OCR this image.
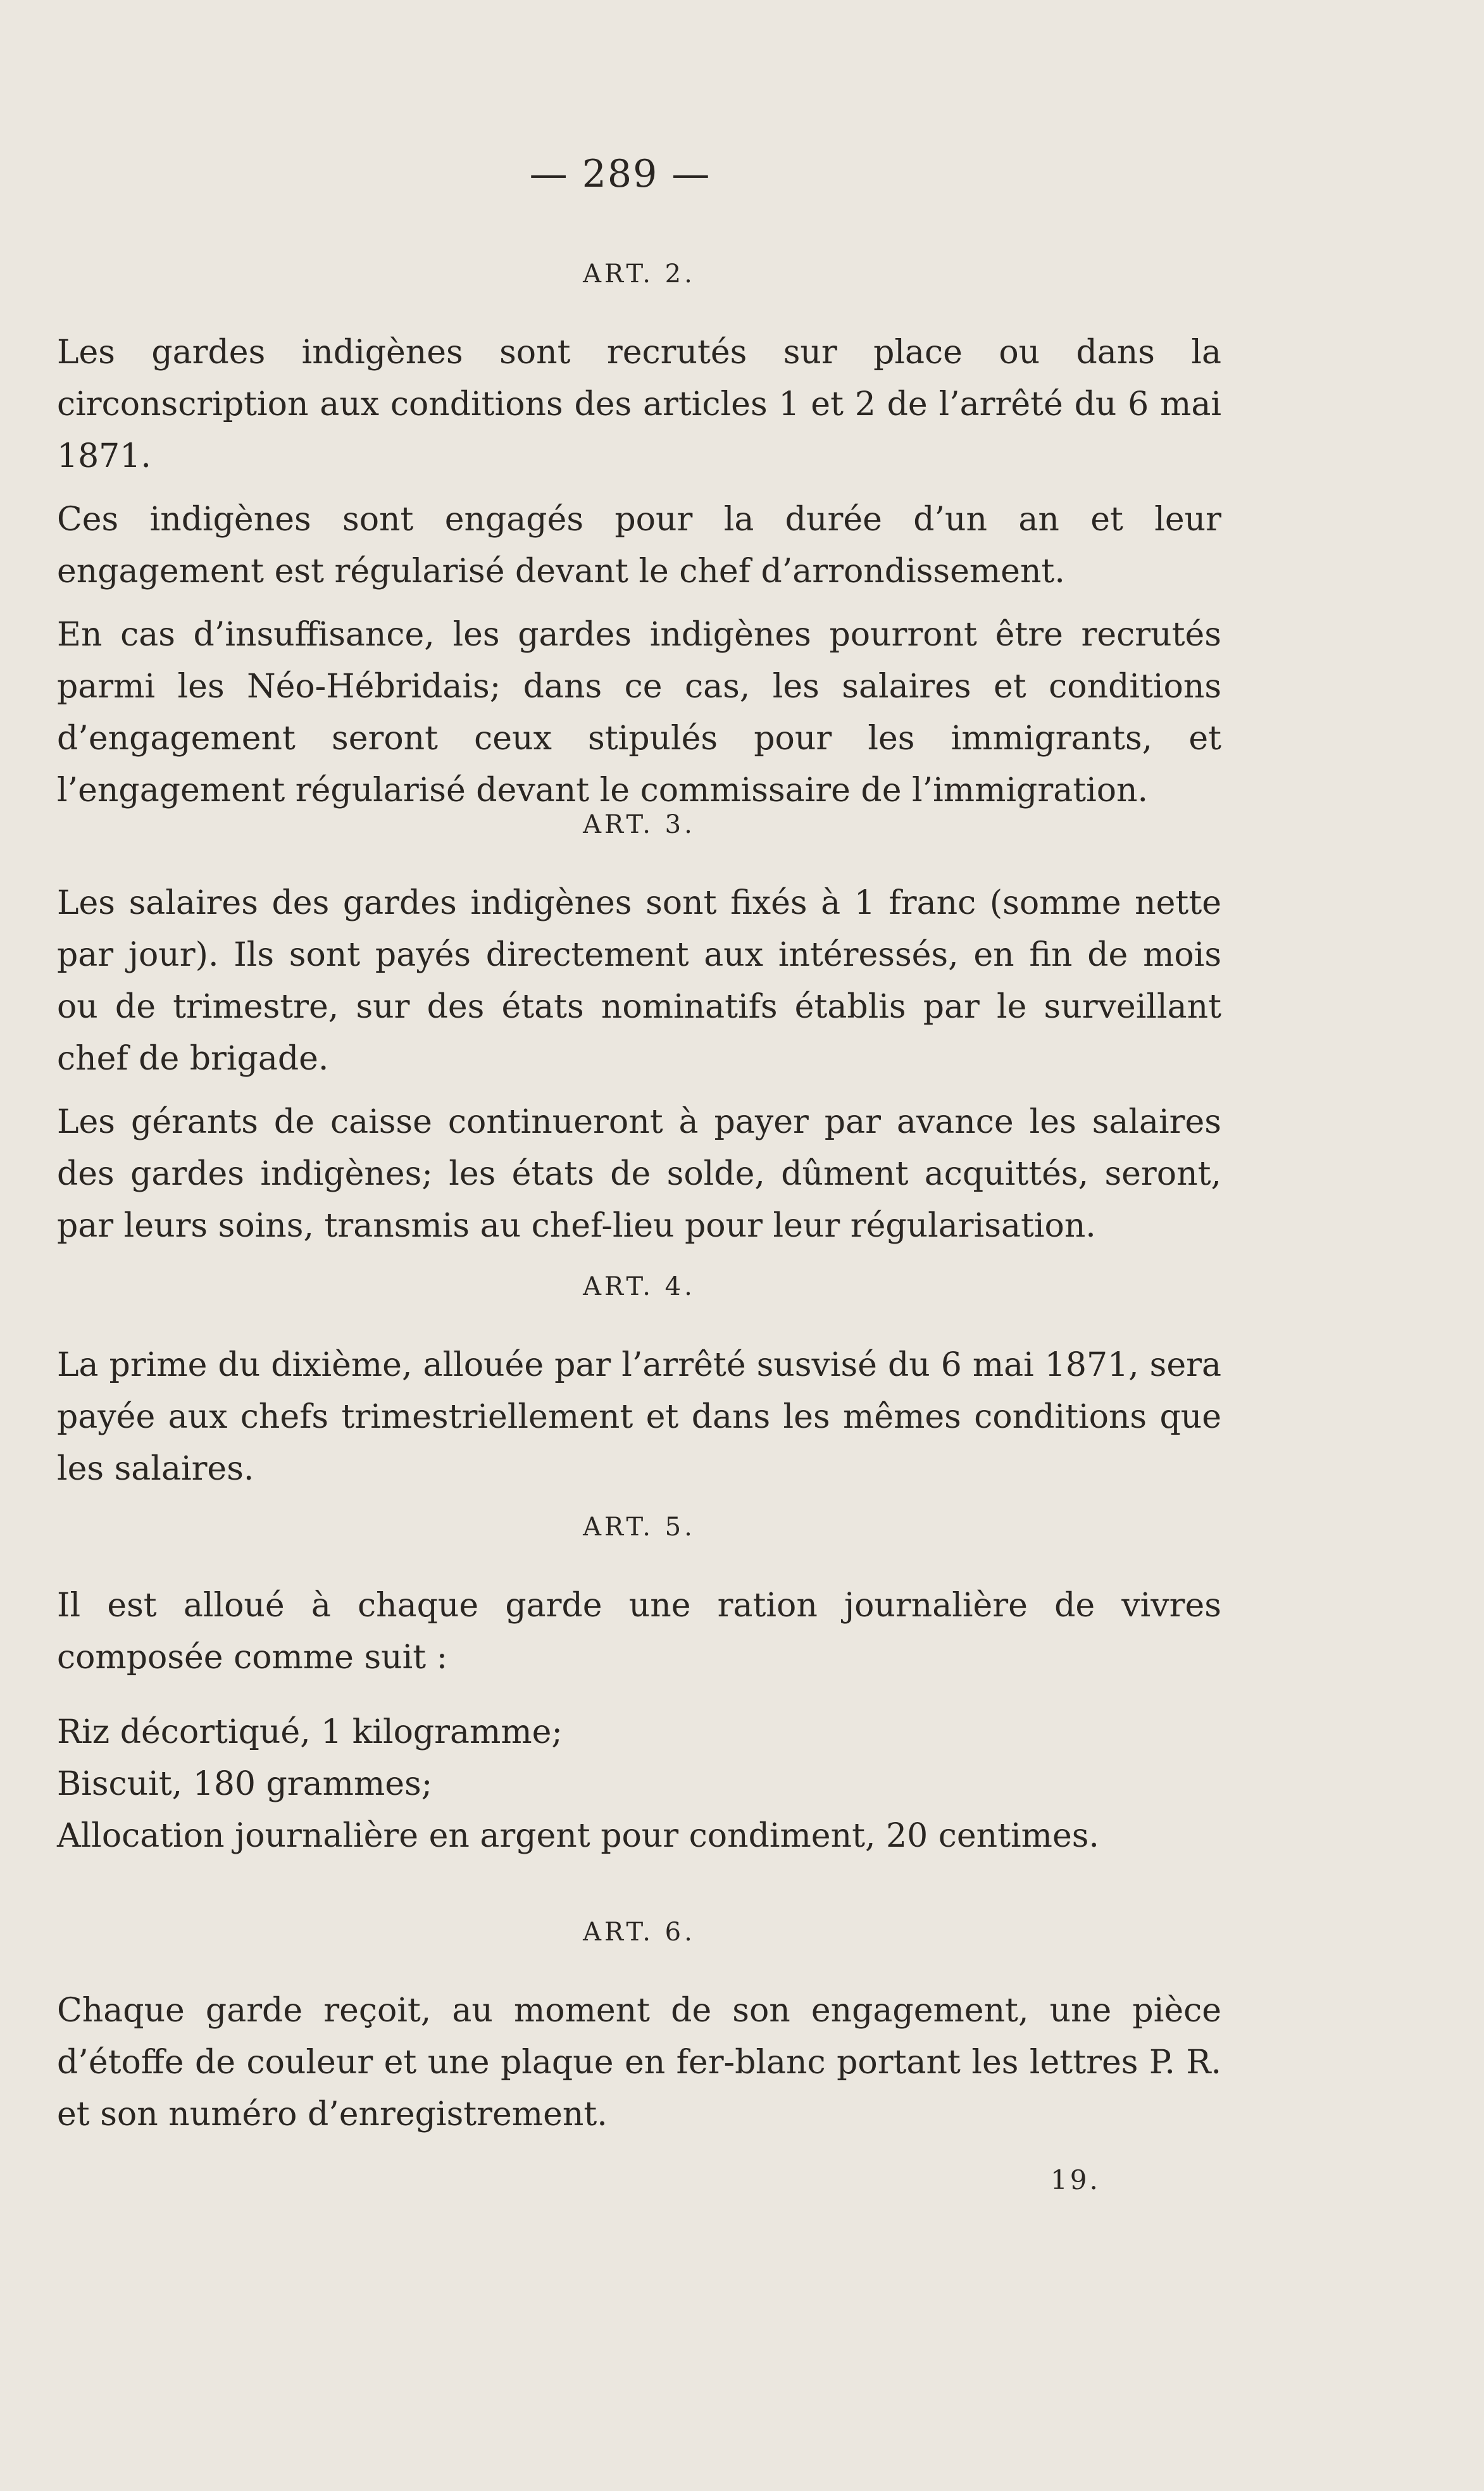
— 289 —
ART. 2.

Les gardes indigènes sont recrutés sur place ou dans la circonscription aux conditions des articles 1 et 2 de l’arrêté du 6 mai 1871.

Ces indigènes sont engagés pour la durée d’un an et leur engagement est régularisé devant le chef d’arrondissement.

En cas d’insuffisance, les gardes indigènes pourront être recrutés parmi les Néo-Hébridais; dans ce cas, les salaires et conditions d’engagement seront ceux stipulés pour les immigrants, et l’engagement régularisé devant le commissaire de l’immigration.

ART. 3.

Les salaires des gardes indigènes sont fixés à 1 franc (somme nette par jour). Ils sont payés directement aux intéressés, en fin de mois ou de trimestre, sur des états nominatifs établis par le surveillant chef de brigade.

Les gérants de caisse continueront à payer par avance les salaires des gardes indigènes; les états de solde, dûment acquittés, seront, par leurs soins, transmis au chef-lieu pour leur régularisation.

ART. 4.

La prime du dixième, allouée par l’arrêté susvisé du 6 mai 1871, sera payée aux chefs trimestriellement et dans les mêmes conditions que les salaires.

ART. 5.

Il est alloué à chaque garde une ration journalière de vivres composée comme suit :

Riz décortiqué, 1 kilogramme;
Biscuit, 180 grammes;
Allocation journalière en argent pour condiment, 20 centimes.
ART. 6.

Chaque garde reçoit, au moment de son engagement, une pièce d’étoffe de couleur et une plaque en fer-blanc portant les lettres P. R. et son numéro d’enregistrement.

19.
